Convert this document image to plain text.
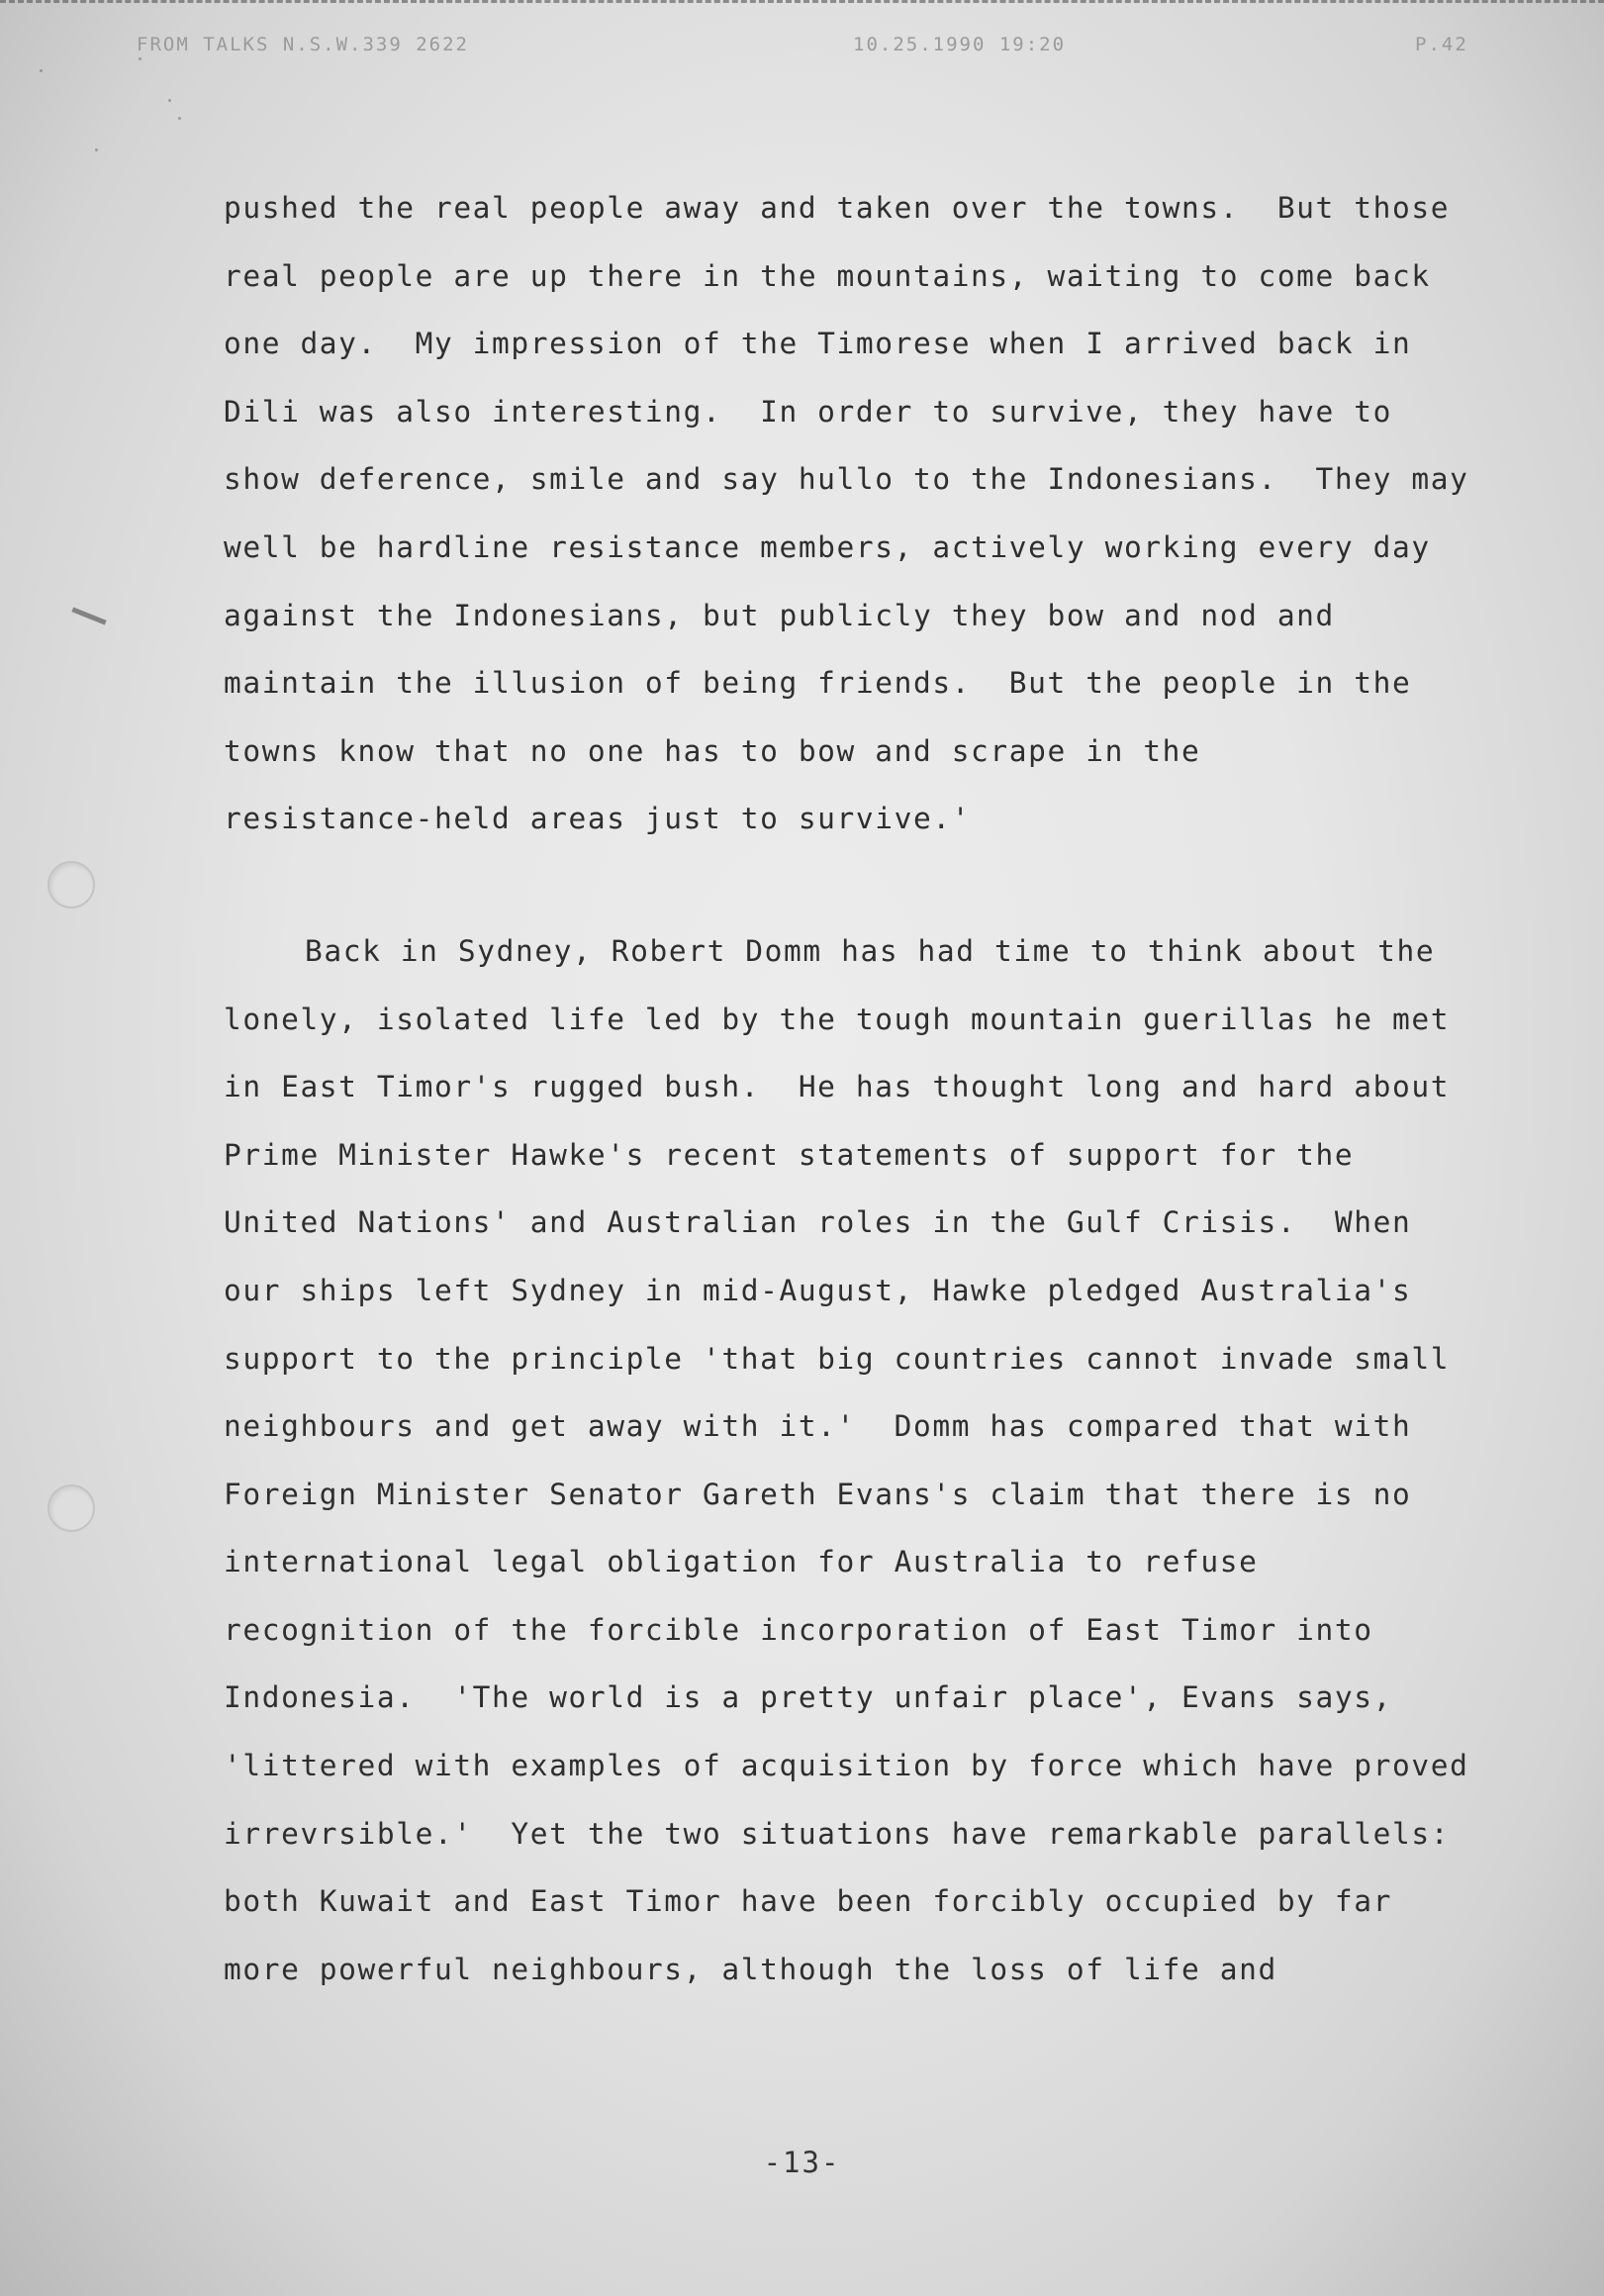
FROM TALKS N.S.W.339 2622	10.25.1990 19:20	P.42
pushed the real people away and taken over the towns.  But those
real people are up there in the mountains, waiting to come back
one day.  My impression of the Timorese when I arrived back in
Dili was also interesting.  In order to survive, they have to
show deference, smile and say hullo to the Indonesians.  They may
well be hardline resistance members, actively working every day
against the Indonesians, but publicly they bow and nod and
maintain the illusion of being friends.  But the people in the
towns know that no one has to bow and scrape in the
resistance-held areas just to survive.'
Back in Sydney, Robert Domm has had time to think about the
lonely, isolated life led by the tough mountain guerillas he met
in East Timor's rugged bush.  He has thought long and hard about
Prime Minister Hawke's recent statements of support for the
United Nations' and Australian roles in the Gulf Crisis.  When
our ships left Sydney in mid-August, Hawke pledged Australia's
support to the principle 'that big countries cannot invade small
neighbours and get away with it.'  Domm has compared that with
Foreign Minister Senator Gareth Evans's claim that there is no
international legal obligation for Australia to refuse
recognition of the forcible incorporation of East Timor into
Indonesia.  'The world is a pretty unfair place', Evans says,
'littered with examples of acquisition by force which have proved
irrevrsible.'  Yet the two situations have remarkable parallels:
both Kuwait and East Timor have been forcibly occupied by far
more powerful neighbours, although the loss of life and
-13-
